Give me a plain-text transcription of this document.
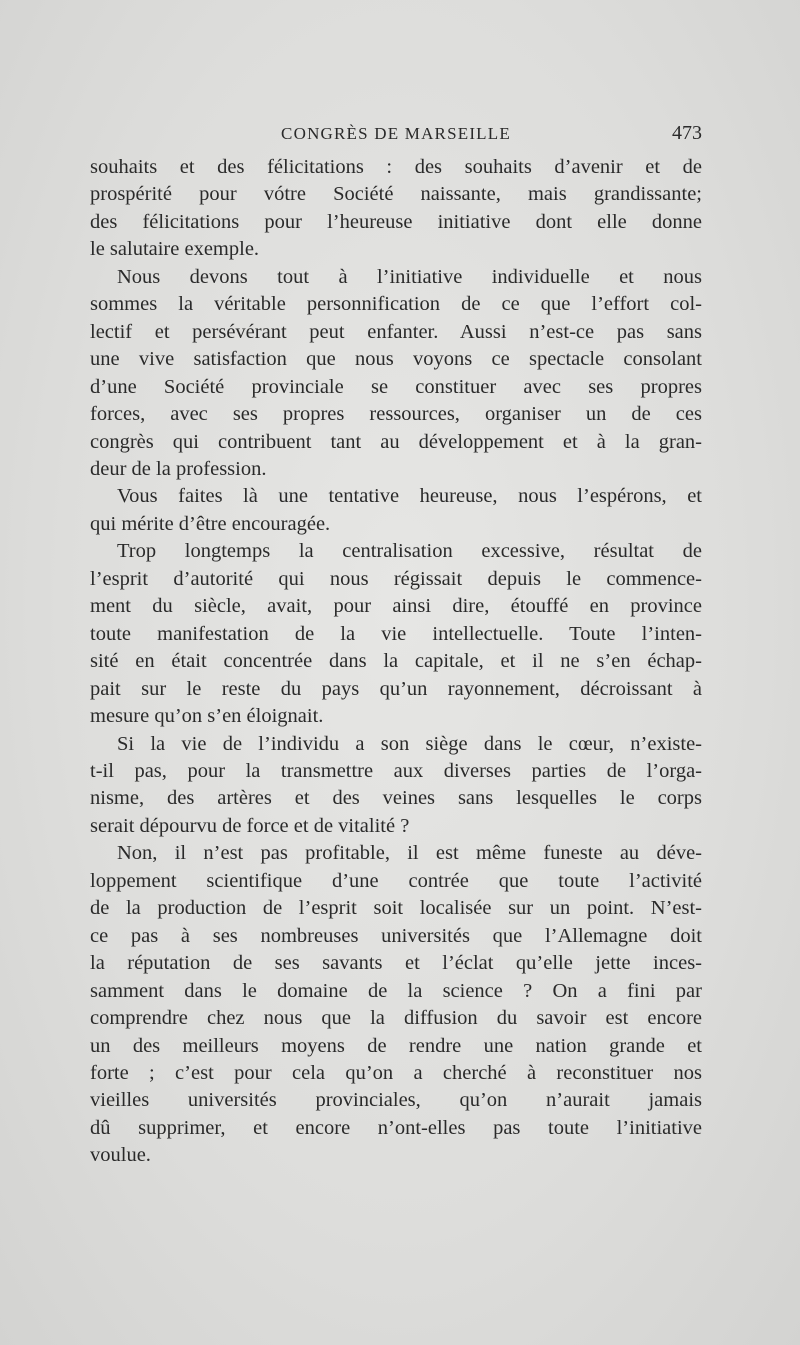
CONGRÈS DE MARSEILLE	473

souhaits et des félicitations : des souhaits d’avenir et de

prospérité pour vótre Société naissante, mais grandissante;

des félicitations pour l’heureuse initiative dont elle donne

le salutaire exemple.

Nous devons tout à l’initiative individuelle et nous

sommes la véritable personnification de ce que l’effort col-

lectif et persévérant peut enfanter. Aussi n’est-ce pas sans

une vive satisfaction que nous voyons ce spectacle consolant

d’une Société provinciale se constituer avec ses propres

forces, avec ses propres ressources, organiser un de ces

congrès qui contribuent tant au développement et à la gran-

deur de la profession.

Vous faites là une tentative heureuse, nous l’espérons, et

qui mérite d’être encouragée.

Trop longtemps la centralisation excessive, résultat de

l’esprit d’autorité qui nous régissait depuis le commence-

ment du siècle, avait, pour ainsi dire, étouffé en province

toute manifestation de la vie intellectuelle. Toute l’inten-

sité en était concentrée dans la capitale, et il ne s’en échap-

pait sur le reste du pays qu’un rayonnement, décroissant à

mesure qu’on s’en éloignait.

Si la vie de l’individu a son siège dans le cœur, n’existe-

t-il pas, pour la transmettre aux diverses parties de l’orga-

nisme, des artères et des veines sans lesquelles le corps

serait dépourvu de force et de vitalité ?

Non, il n’est pas profitable, il est même funeste au déve-

loppement scientifique d’une contrée que toute l’activité

de la production de l’esprit soit localisée sur un point. N’est-

ce pas à ses nombreuses universités que l’Allemagne doit

la réputation de ses savants et l’éclat qu’elle jette inces-

samment dans le domaine de la science ? On a fini par

comprendre chez nous que la diffusion du savoir est encore

un des meilleurs moyens de rendre une nation grande et

forte ; c’est pour cela qu’on a cherché à reconstituer nos

vieilles universités provinciales, qu’on n’aurait jamais

dû supprimer, et encore n’ont-elles pas toute l’initiative

voulue.
